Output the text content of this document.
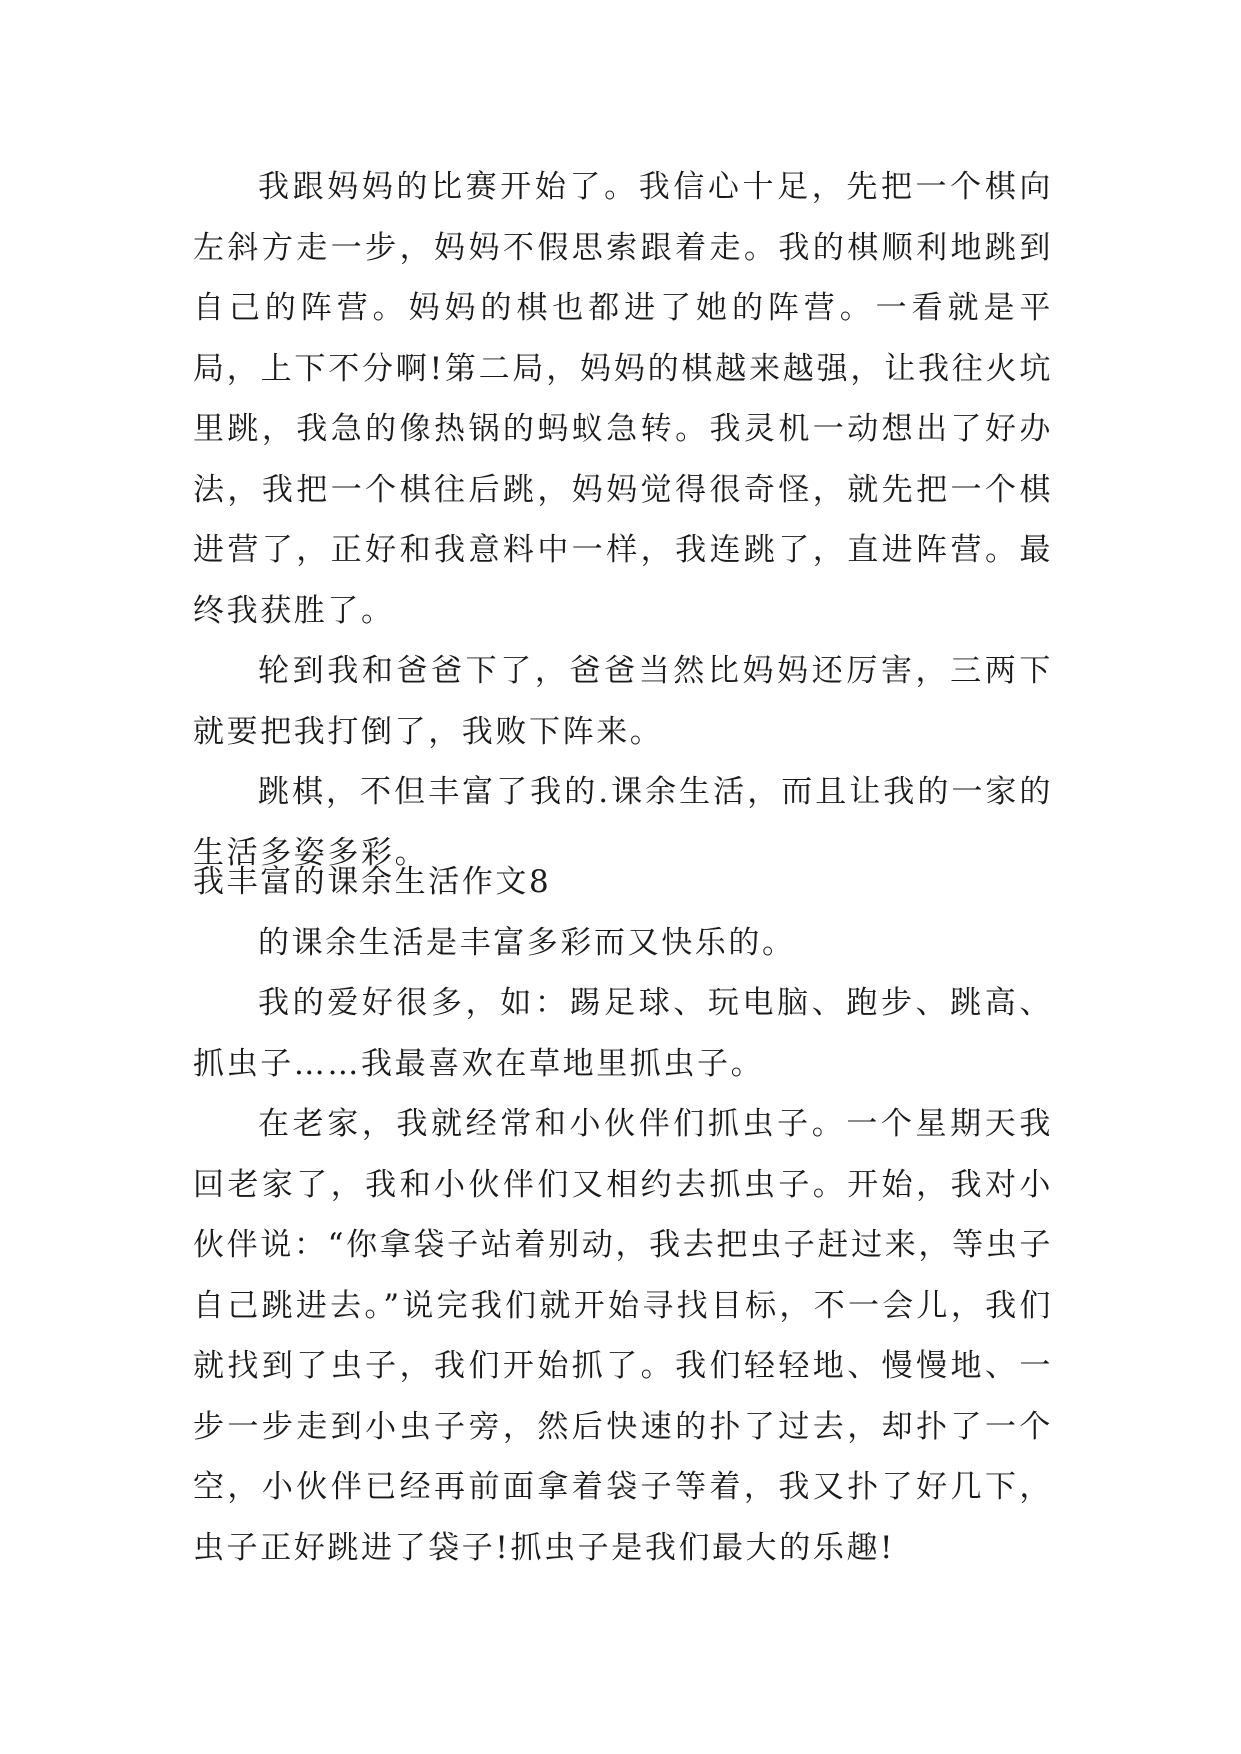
我跟妈妈的比赛开始了。我信心十足，先把一个棋向左斜方走一步，妈妈不假思索跟着走。我的棋顺利地跳到自己的阵营。妈妈的棋也都进了她的阵营。一看就是平局，上下不分啊!第二局，妈妈的棋越来越强，让我往火坑里跳，我急的像热锅的蚂蚁急转。我灵机一动想出了好办法，我把一个棋往后跳，妈妈觉得很奇怪，就先把一个棋进营了，正好和我意料中一样，我连跳了，直进阵营。最终我获胜了。

轮到我和爸爸下了，爸爸当然比妈妈还厉害，三两下就要把我打倒了，我败下阵来。

跳棋，不但丰富了我的.课余生活，而且让我的一家的生活多姿多彩。

我丰富的课余生活作文8

的课余生活是丰富多彩而又快乐的。

我的爱好很多，如：踢足球、玩电脑、跑步、跳高、抓虫子……我最喜欢在草地里抓虫子。

在老家，我就经常和小伙伴们抓虫子。一个星期天我回老家了，我和小伙伴们又相约去抓虫子。开始，我对小伙伴说：“你拿袋子站着别动，我去把虫子赶过来，等虫子自己跳进去。”说完我们就开始寻找目标，不一会儿，我们就找到了虫子，我们开始抓了。我们轻轻地、慢慢地、一步一步走到小虫子旁，然后快速的扑了过去，却扑了一个空，小伙伴已经再前面拿着袋子等着，我又扑了好几下，虫子正好跳进了袋子!抓虫子是我们最大的乐趣!
